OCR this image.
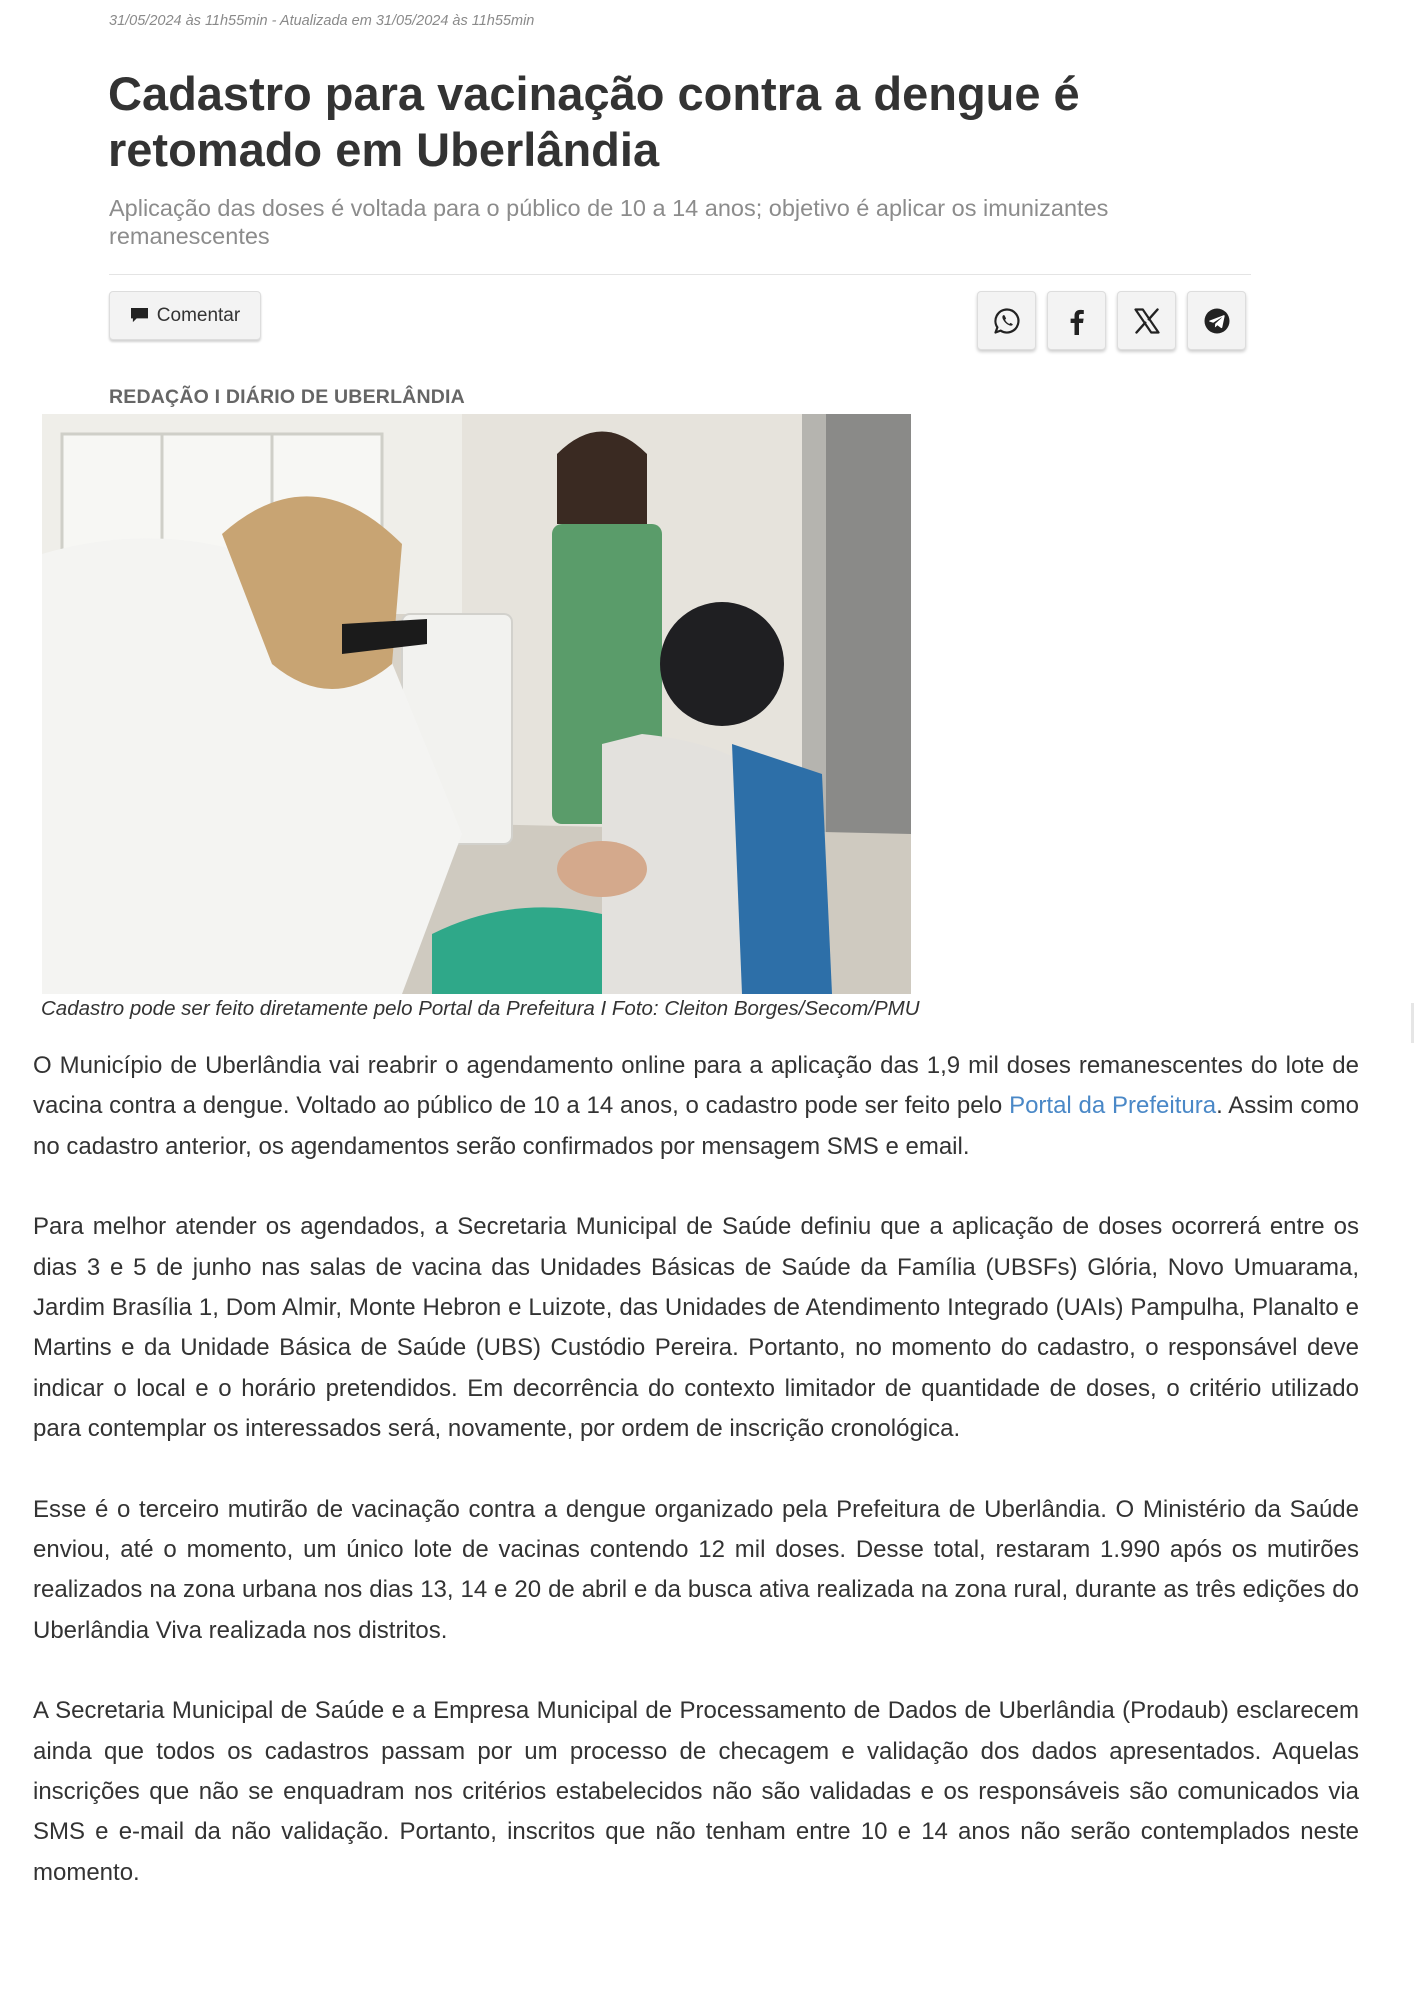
31/05/2024 às 11h55min - Atualizada em 31/05/2024 às 11h55min
Cadastro para vacinação contra a dengue é retomado em Uberlândia
Aplicação das doses é voltada para o público de 10 a 14 anos; objetivo é aplicar os imunizantes remanescentes
Comentar
REDAÇÃO I DIÁRIO DE UBERLÂNDIA
Cadastro pode ser feito diretamente pelo Portal da Prefeitura I Foto: Cleiton Borges/Secom/PMU

O Município de Uberlândia vai reabrir o agendamento online para a aplicação das 1,9 mil doses remanescentes do lote de vacina contra a dengue. Voltado ao público de 10 a 14 anos, o cadastro pode ser feito pelo Portal da Prefeitura. Assim como no cadastro anterior, os agendamentos serão confirmados por mensagem SMS e email.

Para melhor atender os agendados, a Secretaria Municipal de Saúde definiu que a aplicação de doses ocorrerá entre os dias 3 e 5 de junho nas salas de vacina das Unidades Básicas de Saúde da Família (UBSFs) Glória, Novo Umuarama, Jardim Brasília 1, Dom Almir, Monte Hebron e Luizote, das Unidades de Atendimento Integrado (UAIs) Pampulha, Planalto e Martins e da Unidade Básica de Saúde (UBS) Custódio Pereira. Portanto, no momento do cadastro, o responsável deve indicar o local e o horário pretendidos. Em decorrência do contexto limitador de quantidade de doses, o critério utilizado para contemplar os interessados será, novamente, por ordem de inscrição cronológica.

Esse é o terceiro mutirão de vacinação contra a dengue organizado pela Prefeitura de Uberlândia. O Ministério da Saúde enviou, até o momento, um único lote de vacinas contendo 12 mil doses. Desse total, restaram 1.990 após os mutirões realizados na zona urbana nos dias 13, 14 e 20 de abril e da busca ativa realizada na zona rural, durante as três edições do Uberlândia Viva realizada nos distritos.

A Secretaria Municipal de Saúde e a Empresa Municipal de Processamento de Dados de Uberlândia (Prodaub) esclarecem ainda que todos os cadastros passam por um processo de checagem e validação dos dados apresentados. Aquelas inscrições que não se enquadram nos critérios estabelecidos não são validadas e os responsáveis são comunicados via SMS e e-mail da não validação. Portanto, inscritos que não tenham entre 10 e 14 anos não serão contemplados neste momento.
